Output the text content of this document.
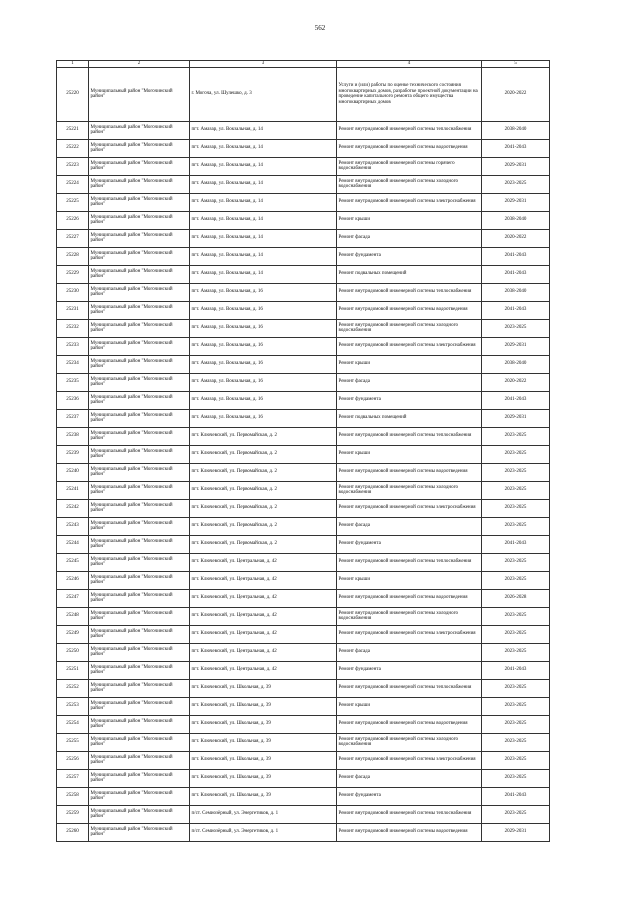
562
1	2	3	4	5
25220	Муниципальный район "Могочинский район"	г. Могоча, ул. Шулешко, д. 3	Услуги и (или) работы по оценке технического состояния многоквартирных домов, разработке проектной документации на проведение капитального ремонта общего имущества многоквартирных домов	2020-2022
25221	Муниципальный район "Могочинский район"	пгт. Амазар, ул. Вокзальная, д. 14	Ремонт внутридомовой инженерной системы теплоснабжения	2038-2040
25222	Муниципальный район "Могочинский район"	пгт. Амазар, ул. Вокзальная, д. 14	Ремонт внутридомовой инженерной системы водоотведения	2041-2043
25223	Муниципальный район "Могочинский район"	пгт. Амазар, ул. Вокзальная, д. 14	Ремонт внутридомовой инженерной системы горячего водоснабжения	2029-2031
25224	Муниципальный район "Могочинский район"	пгт. Амазар, ул. Вокзальная, д. 14	Ремонт внутридомовой инженерной системы холодного водоснабжения	2023-2025
25225	Муниципальный район "Могочинский район"	пгт. Амазар, ул. Вокзальная, д. 14	Ремонт внутридомовой инженерной системы электроснабжения	2029-2031
25226	Муниципальный район "Могочинский район"	пгт. Амазар, ул. Вокзальная, д. 14	Ремонт крыши	2038-2040
25227	Муниципальный район "Могочинский район"	пгт. Амазар, ул. Вокзальная, д. 14	Ремонт фасада	2020-2022
25228	Муниципальный район "Могочинский район"	пгт. Амазар, ул. Вокзальная, д. 14	Ремонт фундамента	2041-2043
25229	Муниципальный район "Могочинский район"	пгт. Амазар, ул. Вокзальная, д. 14	Ремонт подвальных помещений	2041-2043
25230	Муниципальный район "Могочинский район"	пгт. Амазар, ул. Вокзальная, д. 16	Ремонт внутридомовой инженерной системы теплоснабжения	2038-2040
25231	Муниципальный район "Могочинский район"	пгт. Амазар, ул. Вокзальная, д. 16	Ремонт внутридомовой инженерной системы водоотведения	2041-2043
25232	Муниципальный район "Могочинский район"	пгт. Амазар, ул. Вокзальная, д. 16	Ремонт внутридомовой инженерной системы холодного водоснабжения	2023-2025
25233	Муниципальный район "Могочинский район"	пгт. Амазар, ул. Вокзальная, д. 16	Ремонт внутридомовой инженерной системы электроснабжения	2029-2031
25234	Муниципальный район "Могочинский район"	пгт. Амазар, ул. Вокзальная, д. 16	Ремонт крыши	2038-2040
25235	Муниципальный район "Могочинский район"	пгт. Амазар, ул. Вокзальная, д. 16	Ремонт фасада	2020-2022
25236	Муниципальный район "Могочинский район"	пгт. Амазар, ул. Вокзальная, д. 16	Ремонт фундамента	2041-2043
25237	Муниципальный район "Могочинский район"	пгт. Амазар, ул. Вокзальная, д. 16	Ремонт подвальных помещений	2029-2031
25238	Муниципальный район "Могочинский район"	пгт. Ключевский, ул. Первомайская, д. 2	Ремонт внутридомовой инженерной системы теплоснабжения	2023-2025
25239	Муниципальный район "Могочинский район"	пгт. Ключевский, ул. Первомайская, д. 2	Ремонт крыши	2023-2025
25240	Муниципальный район "Могочинский район"	пгт. Ключевский, ул. Первомайская, д. 2	Ремонт внутридомовой инженерной системы водоотведения	2023-2025
25241	Муниципальный район "Могочинский район"	пгт. Ключевский, ул. Первомайская, д. 2	Ремонт внутридомовой инженерной системы холодного водоснабжения	2023-2025
25242	Муниципальный район "Могочинский район"	пгт. Ключевский, ул. Первомайская, д. 2	Ремонт внутридомовой инженерной системы электроснабжения	2023-2025
25243	Муниципальный район "Могочинский район"	пгт. Ключевский, ул. Первомайская, д. 2	Ремонт фасада	2023-2025
25244	Муниципальный район "Могочинский район"	пгт. Ключевский, ул. Первомайская, д. 2	Ремонт фундамента	2041-2043
25245	Муниципальный район "Могочинский район"	пгт. Ключевский, ул. Центральная, д. 42	Ремонт внутридомовой инженерной системы теплоснабжения	2023-2025
25246	Муниципальный район "Могочинский район"	пгт. Ключевский, ул. Центральная, д. 42	Ремонт крыши	2023-2025
25247	Муниципальный район "Могочинский район"	пгт. Ключевский, ул. Центральная, д. 42	Ремонт внутридомовой инженерной системы водоотведения	2026-2028
25248	Муниципальный район "Могочинский район"	пгт. Ключевский, ул. Центральная, д. 42	Ремонт внутридомовой инженерной системы холодного водоснабжения	2023-2025
25249	Муниципальный район "Могочинский район"	пгт. Ключевский, ул. Центральная, д. 42	Ремонт внутридомовой инженерной системы электроснабжения	2023-2025
25250	Муниципальный район "Могочинский район"	пгт. Ключевский, ул. Центральная, д. 42	Ремонт фасада	2023-2025
25251	Муниципальный район "Могочинский район"	пгт. Ключевский, ул. Центральная, д. 42	Ремонт фундамента	2041-2043
25252	Муниципальный район "Могочинский район"	пгт. Ключевский, ул. Школьная, д. 39	Ремонт внутридомовой инженерной системы теплоснабжения	2023-2025
25253	Муниципальный район "Могочинский район"	пгт. Ключевский, ул. Школьная, д. 39	Ремонт крыши	2023-2025
25254	Муниципальный район "Могочинский район"	пгт. Ключевский, ул. Школьная, д. 39	Ремонт внутридомовой инженерной системы водоотведения	2023-2025
25255	Муниципальный район "Могочинский район"	пгт. Ключевский, ул. Школьная, д. 39	Ремонт внутридомовой инженерной системы холодного водоснабжения	2023-2025
25256	Муниципальный район "Могочинский район"	пгт. Ключевский, ул. Школьная, д. 39	Ремонт внутридомовой инженерной системы электроснабжения	2023-2025
25257	Муниципальный район "Могочинский район"	пгт. Ключевский, ул. Школьная, д. 39	Ремонт фасада	2023-2025
25258	Муниципальный район "Могочинский район"	пгт. Ключевский, ул. Школьная, д. 39	Ремонт фундамента	2041-2043
25259	Муниципальный район "Могочинский район"	п/ст. Семиозёрный, ул. Энергетиков, д. 1	Ремонт внутридомовой инженерной системы теплоснабжения	2023-2025
25260	Муниципальный район "Могочинский район"	п/ст. Семиозёрный, ул. Энергетиков, д. 1	Ремонт внутридомовой инженерной системы водоотведения	2029-2031
